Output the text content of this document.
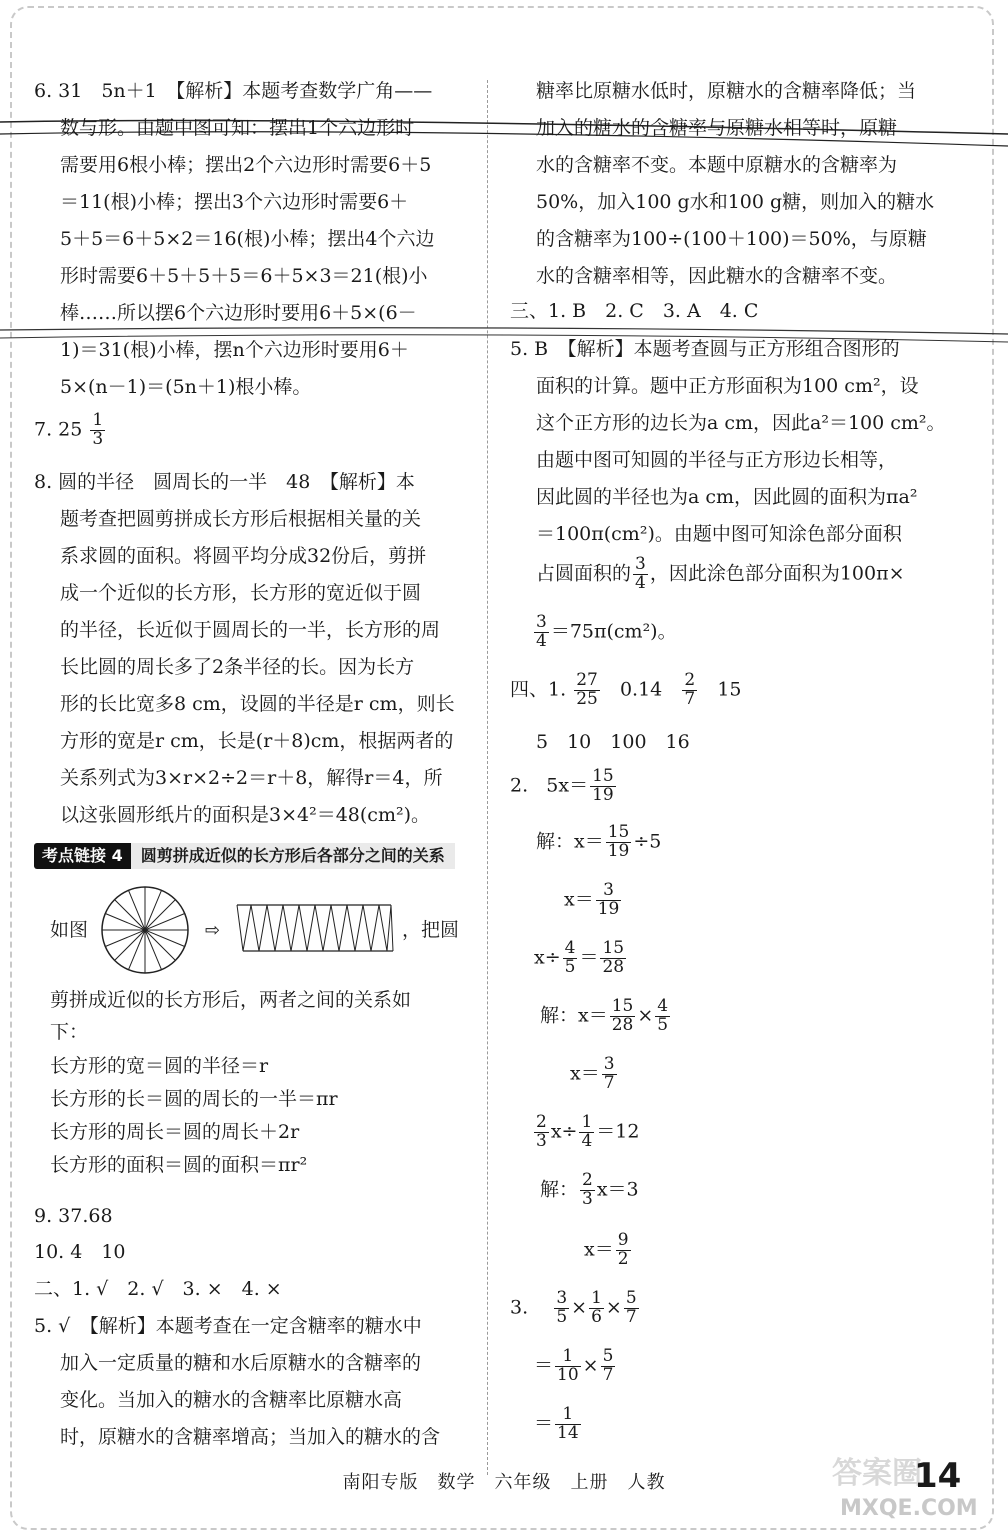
6. 31　5n＋1　【解析】本题考查数学广角——
数与形。由题中图可知：摆出1个六边形时
需要用6根小棒；摆出2个六边形时需要6＋5
＝11(根)小棒；摆出3个六边形时需要6＋
5＋5＝6＋5×2＝16(根)小棒；摆出4个六边
形时需要6＋5＋5＋5＝6＋5×3＝21(根)小
棒……所以摆6个六边形时要用6＋5×(6－
1)＝31(根)小棒，摆n个六边形时要用6＋
5×(n－1)＝(5n＋1)根小棒。
7. $25 \frac{1}{3}$
8. 圆的半径　圆周长的一半　48　【解析】本
题考查把圆剪拼成长方形后根据相关量的关
系求圆的面积。将圆平均分成32份后，剪拼
成一个近似的长方形，长方形的宽近似于圆
的半径，长近似于圆周长的一半，长方形的周
长比圆的周长多了2条半径的长。因为长方
形的长比宽多8 cm，设圆的半径是r cm，则长
方形的宽是r cm，长是(r＋8)cm，根据两者的
关系列式为3×r×2÷2＝r＋8，解得r＝4，所
以这张圆形纸片的面积是3×4²＝48(cm²)。
考点链接 4	圆剪拼成近似的长方形后各部分之间的关系
如图	⇨	，把圆
剪拼成近似的长方形后，两者之间的关系如
下：
长方形的宽＝圆的半径＝r
长方形的长＝圆的周长的一半＝πr
长方形的周长＝圆的周长＋2r
长方形的面积＝圆的面积＝πr²
9. 37.68
10. 4　10
二、1. √　2. √　3. ×　4. ×
5. √　【解析】本题考查在一定含糖率的糖水中
加入一定质量的糖和水后原糖水的含糖率的
变化。当加入的糖水的含糖率比原糖水高
时，原糖水的含糖率增高；当加入的糖水的含
糖率比原糖水低时，原糖水的含糖率降低；当
加入的糖水的含糖率与原糖水相等时，原糖
水的含糖率不变。本题中原糖水的含糖率为
50%，加入100 g水和100 g糖，则加入的糖水
的含糖率为100÷(100＋100)＝50%，与原糖
水的含糖率相等，因此糖水的含糖率不变。
三、1. B　2. C　3. A　4. C
5. B　【解析】本题考查圆与正方形组合图形的
面积的计算。题中正方形面积为100 cm²，设
这个正方形的边长为a cm，因此a²＝100 cm²。
由题中图可知圆的半径与正方形边长相等，
因此圆的半径也为a cm，因此圆的面积为πa²
＝100π(cm²)。由题中图可知涂色部分面积
占圆面积的 $\frac{3}{4}$ ，因此涂色部分面积为100π×
$\frac{3}{4} =75\pi(cm^2)$。
四、1. $\frac{27}{25} 0.14 \frac{2}{7} 15$
5　10　100　16
2. $5x= \frac{15}{19}$
解：$x= \frac{15}{19} \div 5$
$x= \frac{3}{19}$
$x\div \frac{4}{5} = \frac{15}{28}$
解：$x= \frac{15}{28} \times \frac{4}{5}$
$x= \frac{3}{7}$
$\frac{2}{3} x\div \frac{1}{4} =12$
解： $\frac{2}{3} x=3$
$x= \frac{9}{2}$
3. $\frac{3}{5} \times \frac{1}{6} \times \frac{5}{7}$
＝ $\frac{1}{10} \times \frac{5}{7}$
＝ $\frac{1}{14}$
答案圈
MXQE.COM
南阳专版　数学　六年级　上册　人教	14
